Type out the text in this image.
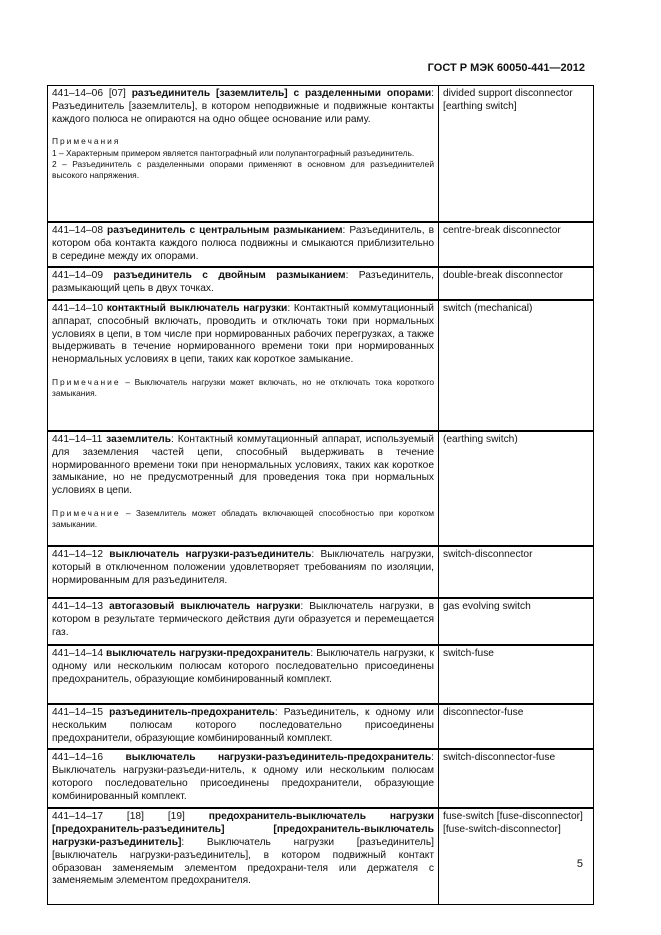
ГОСТ Р МЭК 60050-441—2012
441–14–06 [07] разъединитель [заземлитель] с разделенными опорами: Разъединитель [заземлитель], в котором неподвижные и подвижные контакты каждого полюса не опираются на одно общее основание или раму.
Примечания
1 – Характерным примером является пантографный или полупантографный разъединитель.
2 – Разъединитель с разделенными опорами применяют в основном для разъединителей высокого напряжения.	divided support disconnector [earthing switch]

441–14–08 разъединитель с центральным размыканием: Разъединитель, в котором оба контакта каждого полюса подвижны и смыкаются приблизительно в середине между их опорами.	centre-break disconnector

441–14–09 разъединитель с двойным размыканием: Разъединитель, размыкающий цепь в двух точках.	double-break disconnector

441–14–10 контактный выключатель нагрузки: Контактный коммутационный аппарат, способный включать, проводить и отключать токи при нормальных условиях в цепи, в том числе при нормированных рабочих перегрузках, а также выдерживать в течение нормированного времени токи при нормированных ненормальных условиях в цепи, таких как короткое замыкание.
Примечание – Выключатель нагрузки может включать, но не отключать тока короткого замыкания.	switch (mechanical)

441–14–11 заземлитель: Контактный коммутационный аппарат, используемый для заземления частей цепи, способный выдерживать в течение нормированного времени токи при ненормальных условиях, таких как короткое замыкание, но не предусмотренный для проведения тока при нормальных условиях в цепи.
Примечание – Заземлитель может обладать включающей способностью при коротком замыкании.	(earthing switch)

441–14–12 выключатель нагрузки-разъединитель: Выключатель нагрузки, который в отключенном положении удовлетворяет требованиям по изоляции, нормированным для разъединителя.	switch-disconnector

441–14–13 автогазовый выключатель нагрузки: Выключатель нагрузки, в котором в результате термического действия дуги образуется и перемещается газ.	gas evolving switch

441–14–14 выключатель нагрузки-предохранитель: Выключатель нагрузки, к одному или нескольким полюсам которого последовательно присоединены предохранитель, образующие комбинированный комплект.	switch-fuse

441–14–15 разъединитель-предохранитель: Разъединитель, к одному или нескольким полюсам которого последовательно присоединены предохранители, образующие комбинированный комплект.	disconnector-fuse

441–14–16 выключатель нагрузки-разъединитель-предохранитель: Выключатель нагрузки-разъеди-нитель, к одному или нескольким полюсам которого последовательно присоединены предохранители, образующие комбинированный комплект.	switch-disconnector-fuse

441–14–17 [18] [19] предохранитель-выключатель нагрузки [предохранитель-разъединитель] [предохранитель-выключатель нагрузки-разъединитель]: Выключатель нагрузки [разъединитель] [выключатель нагрузки-разъединитель], в котором подвижный контакт образован заменяемым элементом предохрани-теля или держателя с заменяемым элементом предохранителя.	fuse-switch [fuse-disconnector] [fuse-switch-disconnector]
5
